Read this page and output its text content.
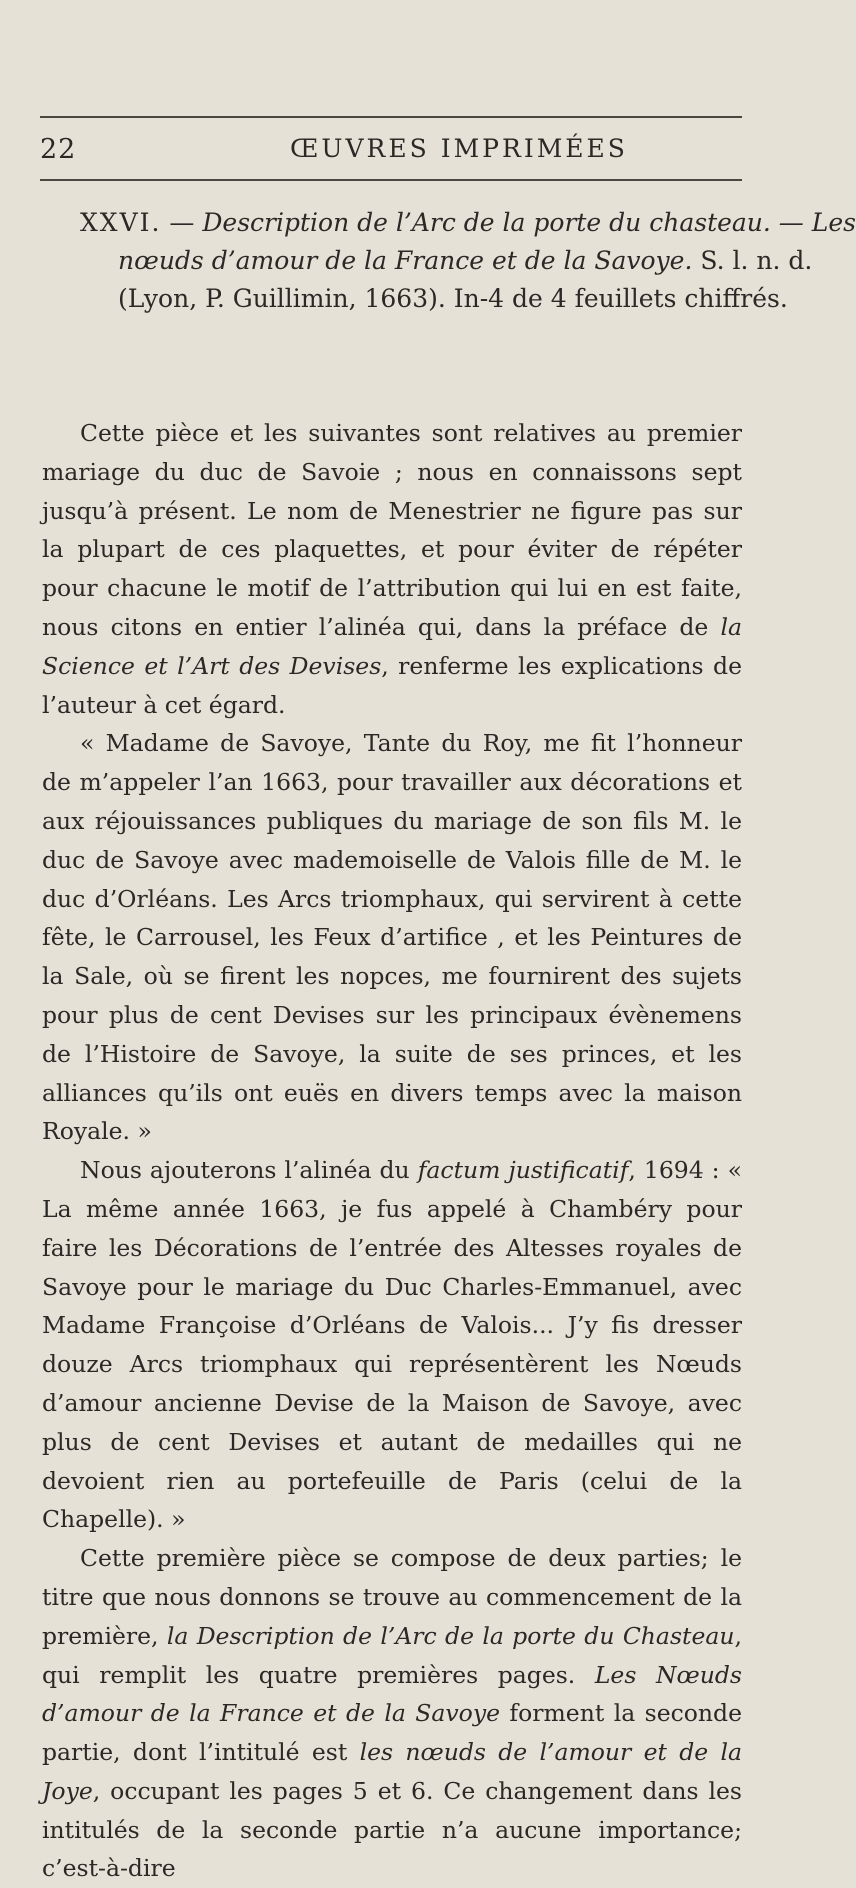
22	ŒUVRES IMPRIMÉES
XXVI. — Description de l’Arc de la porte du chasteau. — Les
nœuds d’amour de la France et de la Savoye. S. l. n. d.
(Lyon, P. Guillimin, 1663). In-4 de 4 feuillets chiffrés.

Cette pièce et les suivantes sont relatives au premier mariage du duc de Savoie ; nous en connaissons sept jusqu’à présent. Le nom de Menestrier ne figure pas sur la plupart de ces plaquettes, et pour éviter de répéter pour chacune le motif de l’attribution qui lui en est faite, nous citons en entier l’alinéa qui, dans la préface de la Science et l’Art des Devises, renferme les explications de l’auteur à cet égard.

« Madame de Savoye, Tante du Roy, me fit l’honneur de m’appeler l’an 1663, pour travailler aux décorations et aux réjouissances publiques du mariage de son fils M. le duc de Savoye avec mademoiselle de Valois fille de M. le duc d’Orléans. Les Arcs triomphaux, qui servirent à cette fête, le Carrousel, les Feux d’artifice , et les Peintures de la Sale, où se firent les nopces, me fournirent des sujets pour plus de cent Devises sur les principaux évènemens de l’Histoire de Savoye, la suite de ses princes, et les alliances qu’ils ont euës en divers temps avec la maison Royale. »

Nous ajouterons l’alinéa du factum justificatif, 1694 : « La même année 1663, je fus appelé à Chambéry pour faire les Décorations de l’entrée des Altesses royales de Savoye pour le mariage du Duc Charles-Emmanuel, avec Madame Françoise d’Orléans de Valois... J’y fis dresser douze Arcs triomphaux qui représentèrent les Nœuds d’amour ancienne Devise de la Maison de Savoye, avec plus de cent Devises et autant de medailles qui ne devoient rien au portefeuille de Paris (celui de la Chapelle). »

Cette première pièce se compose de deux parties; le titre que nous donnons se trouve au commencement de la première, la Description de l’Arc de la porte du Chasteau, qui remplit les quatre premières pages. Les Nœuds d’amour de la France et de la Savoye forment la seconde partie, dont l’intitulé est les nœuds de l’amour et de la Joye, occupant les pages 5 et 6. Ce changement dans les intitulés de la seconde partie n’a aucune importance; c’est-à-dire
